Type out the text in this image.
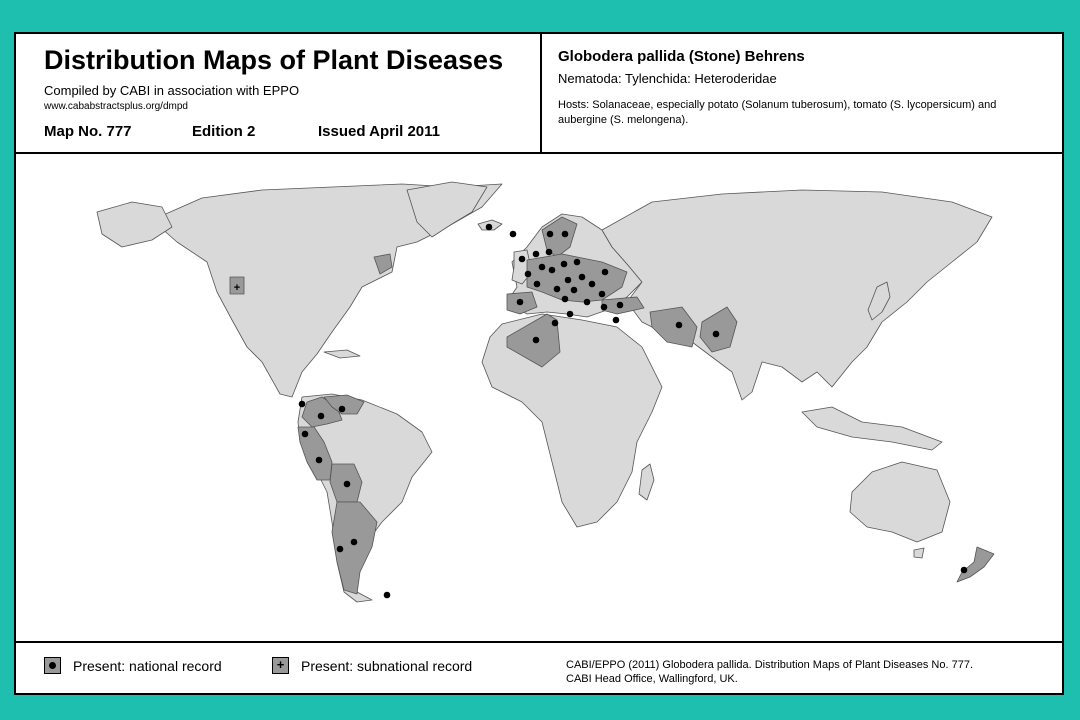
Distribution Maps of Plant Diseases
Compiled by CABI in association with EPPO
www.cababstractsplus.org/dmpd
Map No. 777	Edition 2	Issued April 2011
Globodera pallida (Stone) Behrens
Nematoda: Tylenchida: Heteroderidae
Hosts: Solanaceae, especially potato (Solanum tuberosum), tomato (S. lycopersicum) and aubergine (S. melongena).
+
Present: national record	+ Present: subnational record	CABI/EPPO (2011) Globodera pallida. Distribution Maps of Plant Diseases No. 777.
CABI Head Office, Wallingford, UK.
